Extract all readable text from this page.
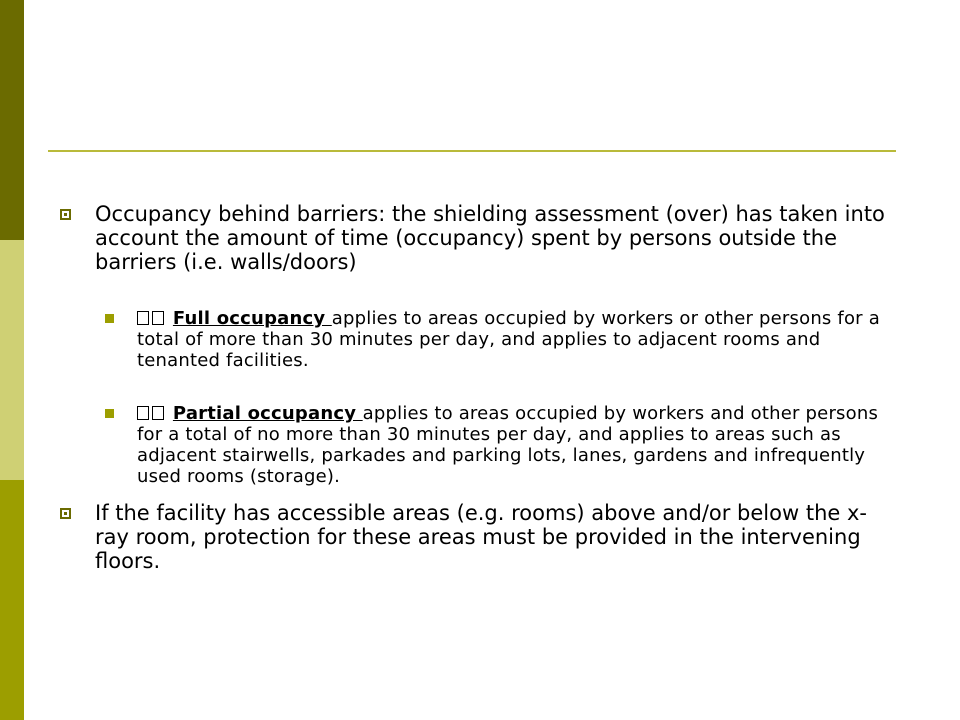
Occupancy behind barriers: the shielding assessment (over) has taken into account the amount of time (occupancy) spent by persons outside the barriers (i.e. walls/doors)
Full occupancy applies to areas occupied by workers or other persons for a total of more than 30 minutes per day, and applies to adjacent rooms and tenanted facilities.
Partial occupancy applies to areas occupied by workers and other persons for a total of no more than 30 minutes per day, and applies to areas such as adjacent stairwells, parkades and parking lots, lanes, gardens and infrequently used rooms (storage).
If the facility has accessible areas (e.g. rooms) above and/or below the x-ray room, protection for these areas must be provided in the intervening floors.
